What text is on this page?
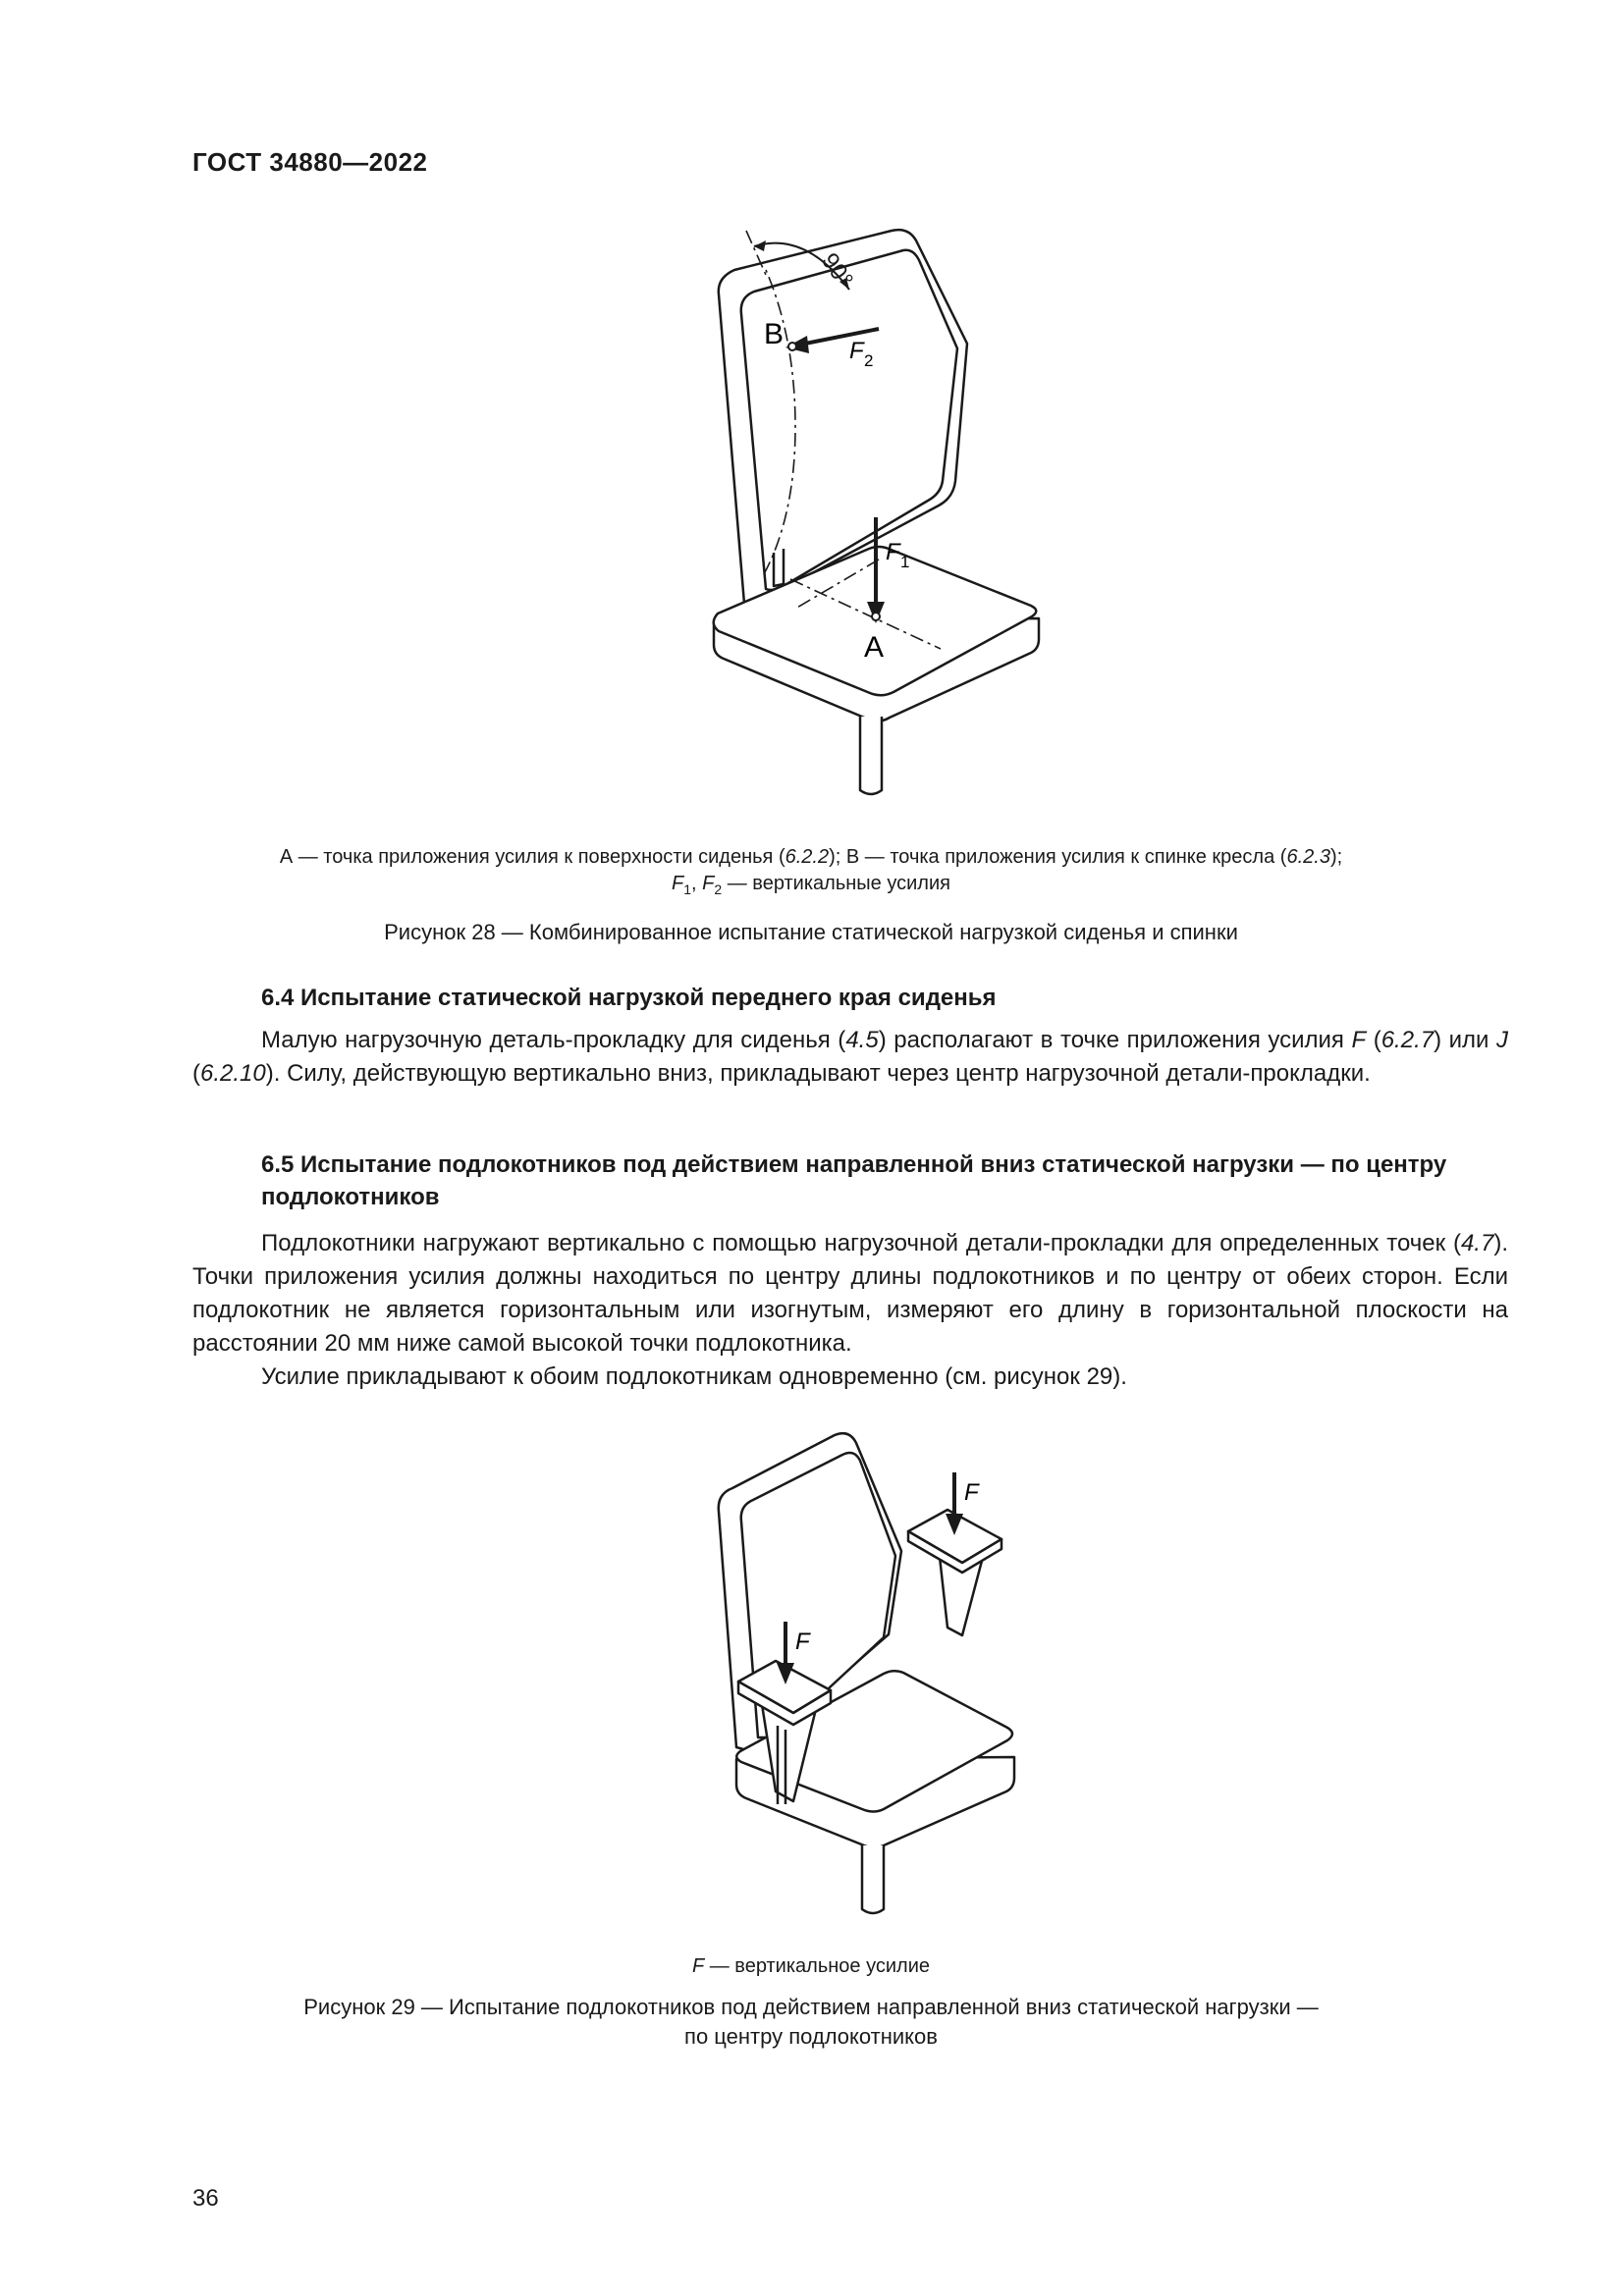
ГОСТ 34880—2022
90°
B
F 2
F 1
A
А — точка приложения усилия к поверхности сиденья (6.2.2); В — точка приложения усилия к спинке кресла (6.2.3);
$F_1$, $F_2$ — вертикальные усилия
Рисунок 28 — Комбинированное испытание статической нагрузкой сиденья и спинки
6.4 Испытание статической нагрузкой переднего края сиденья
Малую нагрузочную деталь-прокладку для сиденья (4.5) располагают в точке приложения усилия F (6.2.7) или J (6.2.10). Силу, действующую вертикально вниз, прикладывают через центр нагрузочной детали-прокладки.
6.5 Испытание подлокотников под действием направленной вниз статической нагрузки — по центру подлокотников
Подлокотники нагружают вертикально с помощью нагрузочной детали-прокладки для определенных точек (4.7). Точки приложения усилия должны находиться по центру длины подлокотников и по центру от обеих сторон. Если подлокотник не является горизонтальным или изогнутым, измеряют его длину в горизонтальной плоскости на расстоянии 20 мм ниже самой высокой точки подлокотника.
Усилие прикладывают к обоим подлокотникам одновременно (см. рисунок 29).
F
F
F — вертикальное усилие
Рисунок 29 — Испытание подлокотников под действием направленной вниз статической нагрузки —
по центру подлокотников
36
